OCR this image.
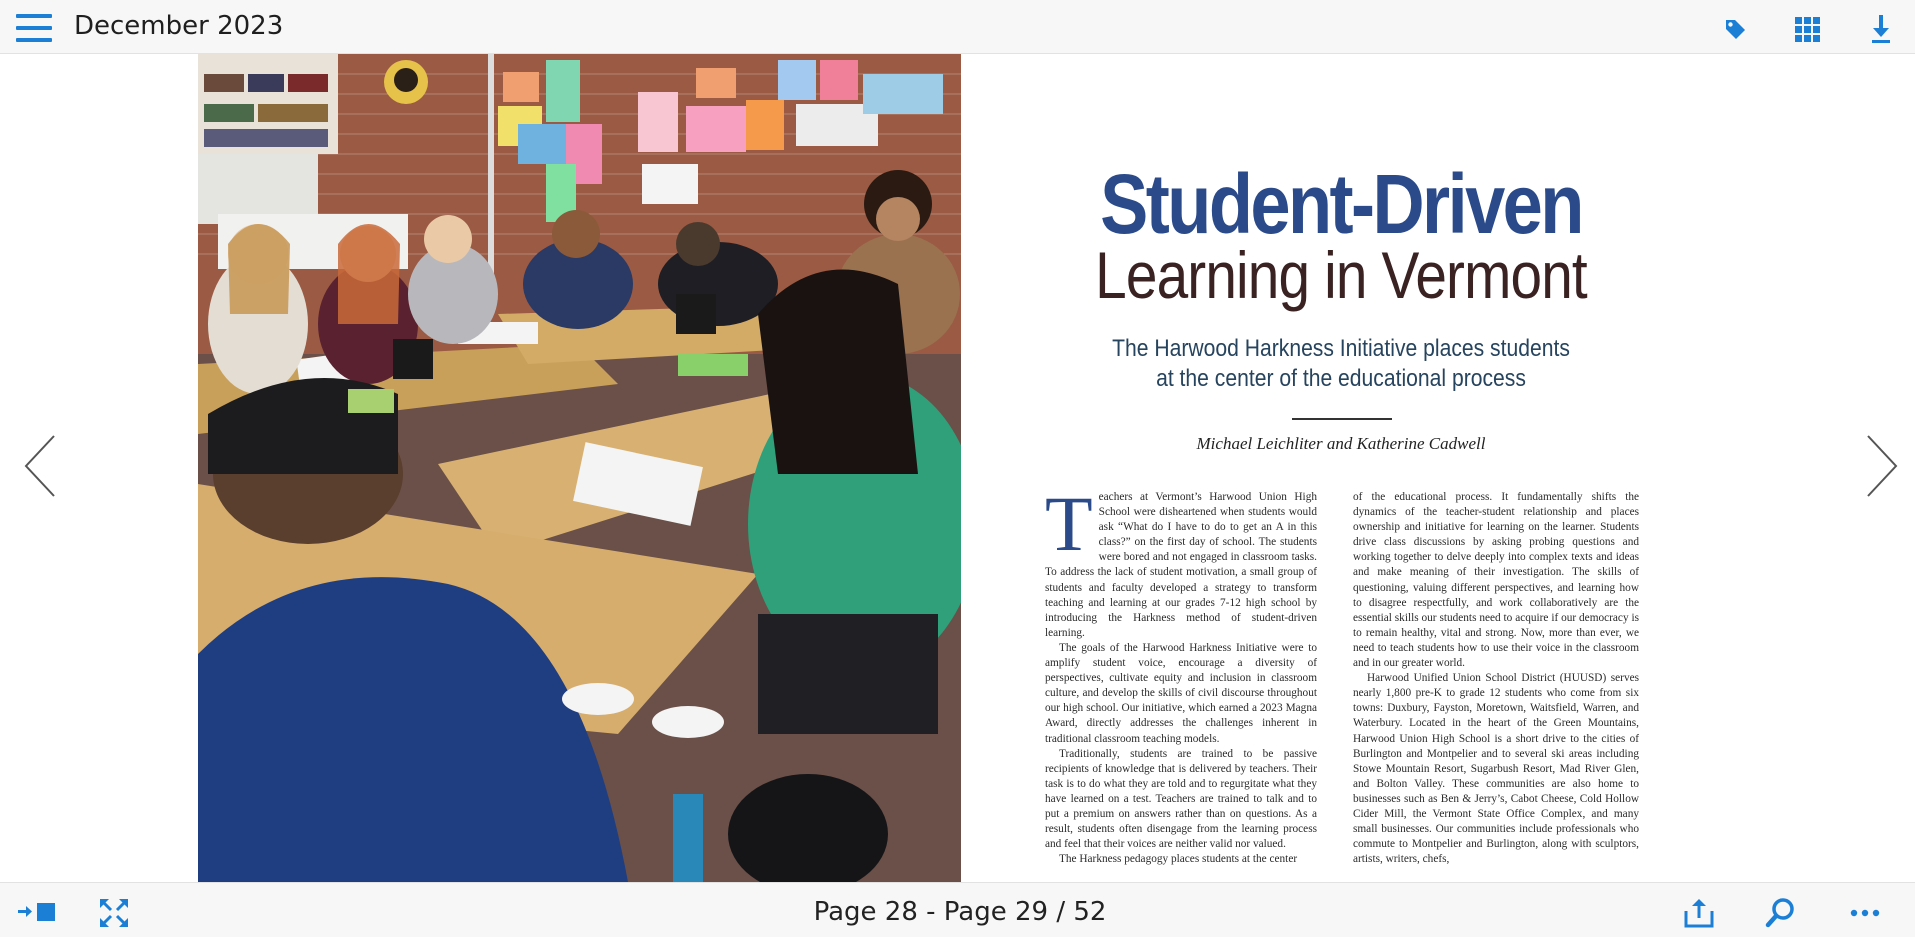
December 2023
Student-Driven
Learning in Vermont
The Harwood Harkness Initiative places students
at the center of the educational process
Michael Leichliter and Katherine Cadwell

Teachers at Vermont’s Harwood Union High School were disheartened when students would ask “What do I have to do to get an A in this class?” on the first day of school. The students were bored and not engaged in classroom tasks. To address the lack of student motivation, a small group of students and faculty developed a strategy to transform teaching and learning at our grades 7-12 high school by introducing the Harkness method of student-driven learning.

The goals of the Harwood Harkness Initiative were to amplify student voice, encourage a diversity of perspectives, cultivate equity and inclusion in classroom culture, and develop the skills of civil discourse throughout our high school. Our initiative, which earned a 2023 Magna Award, directly addresses the challenges inherent in traditional classroom teaching models.

Traditionally, students are trained to be passive recipients of knowledge that is delivered by teachers. Their task is to do what they are told and to regurgitate what they have learned on a test. Teachers are trained to talk and to put a premium on answers rather than on questions. As a result, students often disengage from the learning process and feel that their voices are neither valid nor valued.

The Harkness pedagogy places students at the center

of the educational process. It fundamentally shifts the dynamics of the teacher-student relationship and places ownership and initiative for learning on the learner. Students drive class discussions by asking probing questions and working together to delve deeply into complex texts and ideas and make meaning of their investigation. The skills of questioning, valuing different perspectives, and learning how to disagree respectfully, and work collaboratively are the essential skills our students need to acquire if our democracy is to remain healthy, vital and strong. Now, more than ever, we need to teach students how to use their voice in the classroom and in our greater world.

Harwood Unified Union School District (HUUSD) serves nearly 1,800 pre-K to grade 12 students who come from six towns: Duxbury, Fayston, Moretown, Waitsfield, Warren, and Waterbury. Located in the heart of the Green Mountains, Harwood Union High School is a short drive to the cities of Burlington and Montpelier and to several ski areas including Stowe Mountain Resort, Sugarbush Resort, Mad River Glen, and Bolton Valley. These communities are also home to businesses such as Ben & Jerry’s, Cabot Cheese, Cold Hollow Cider Mill, the Vermont State Office Complex, and many small businesses. Our communities include professionals who commute to Montpelier and Burlington, along with sculptors, artists, writers, chefs,

Page 28 - Page 29 / 52
